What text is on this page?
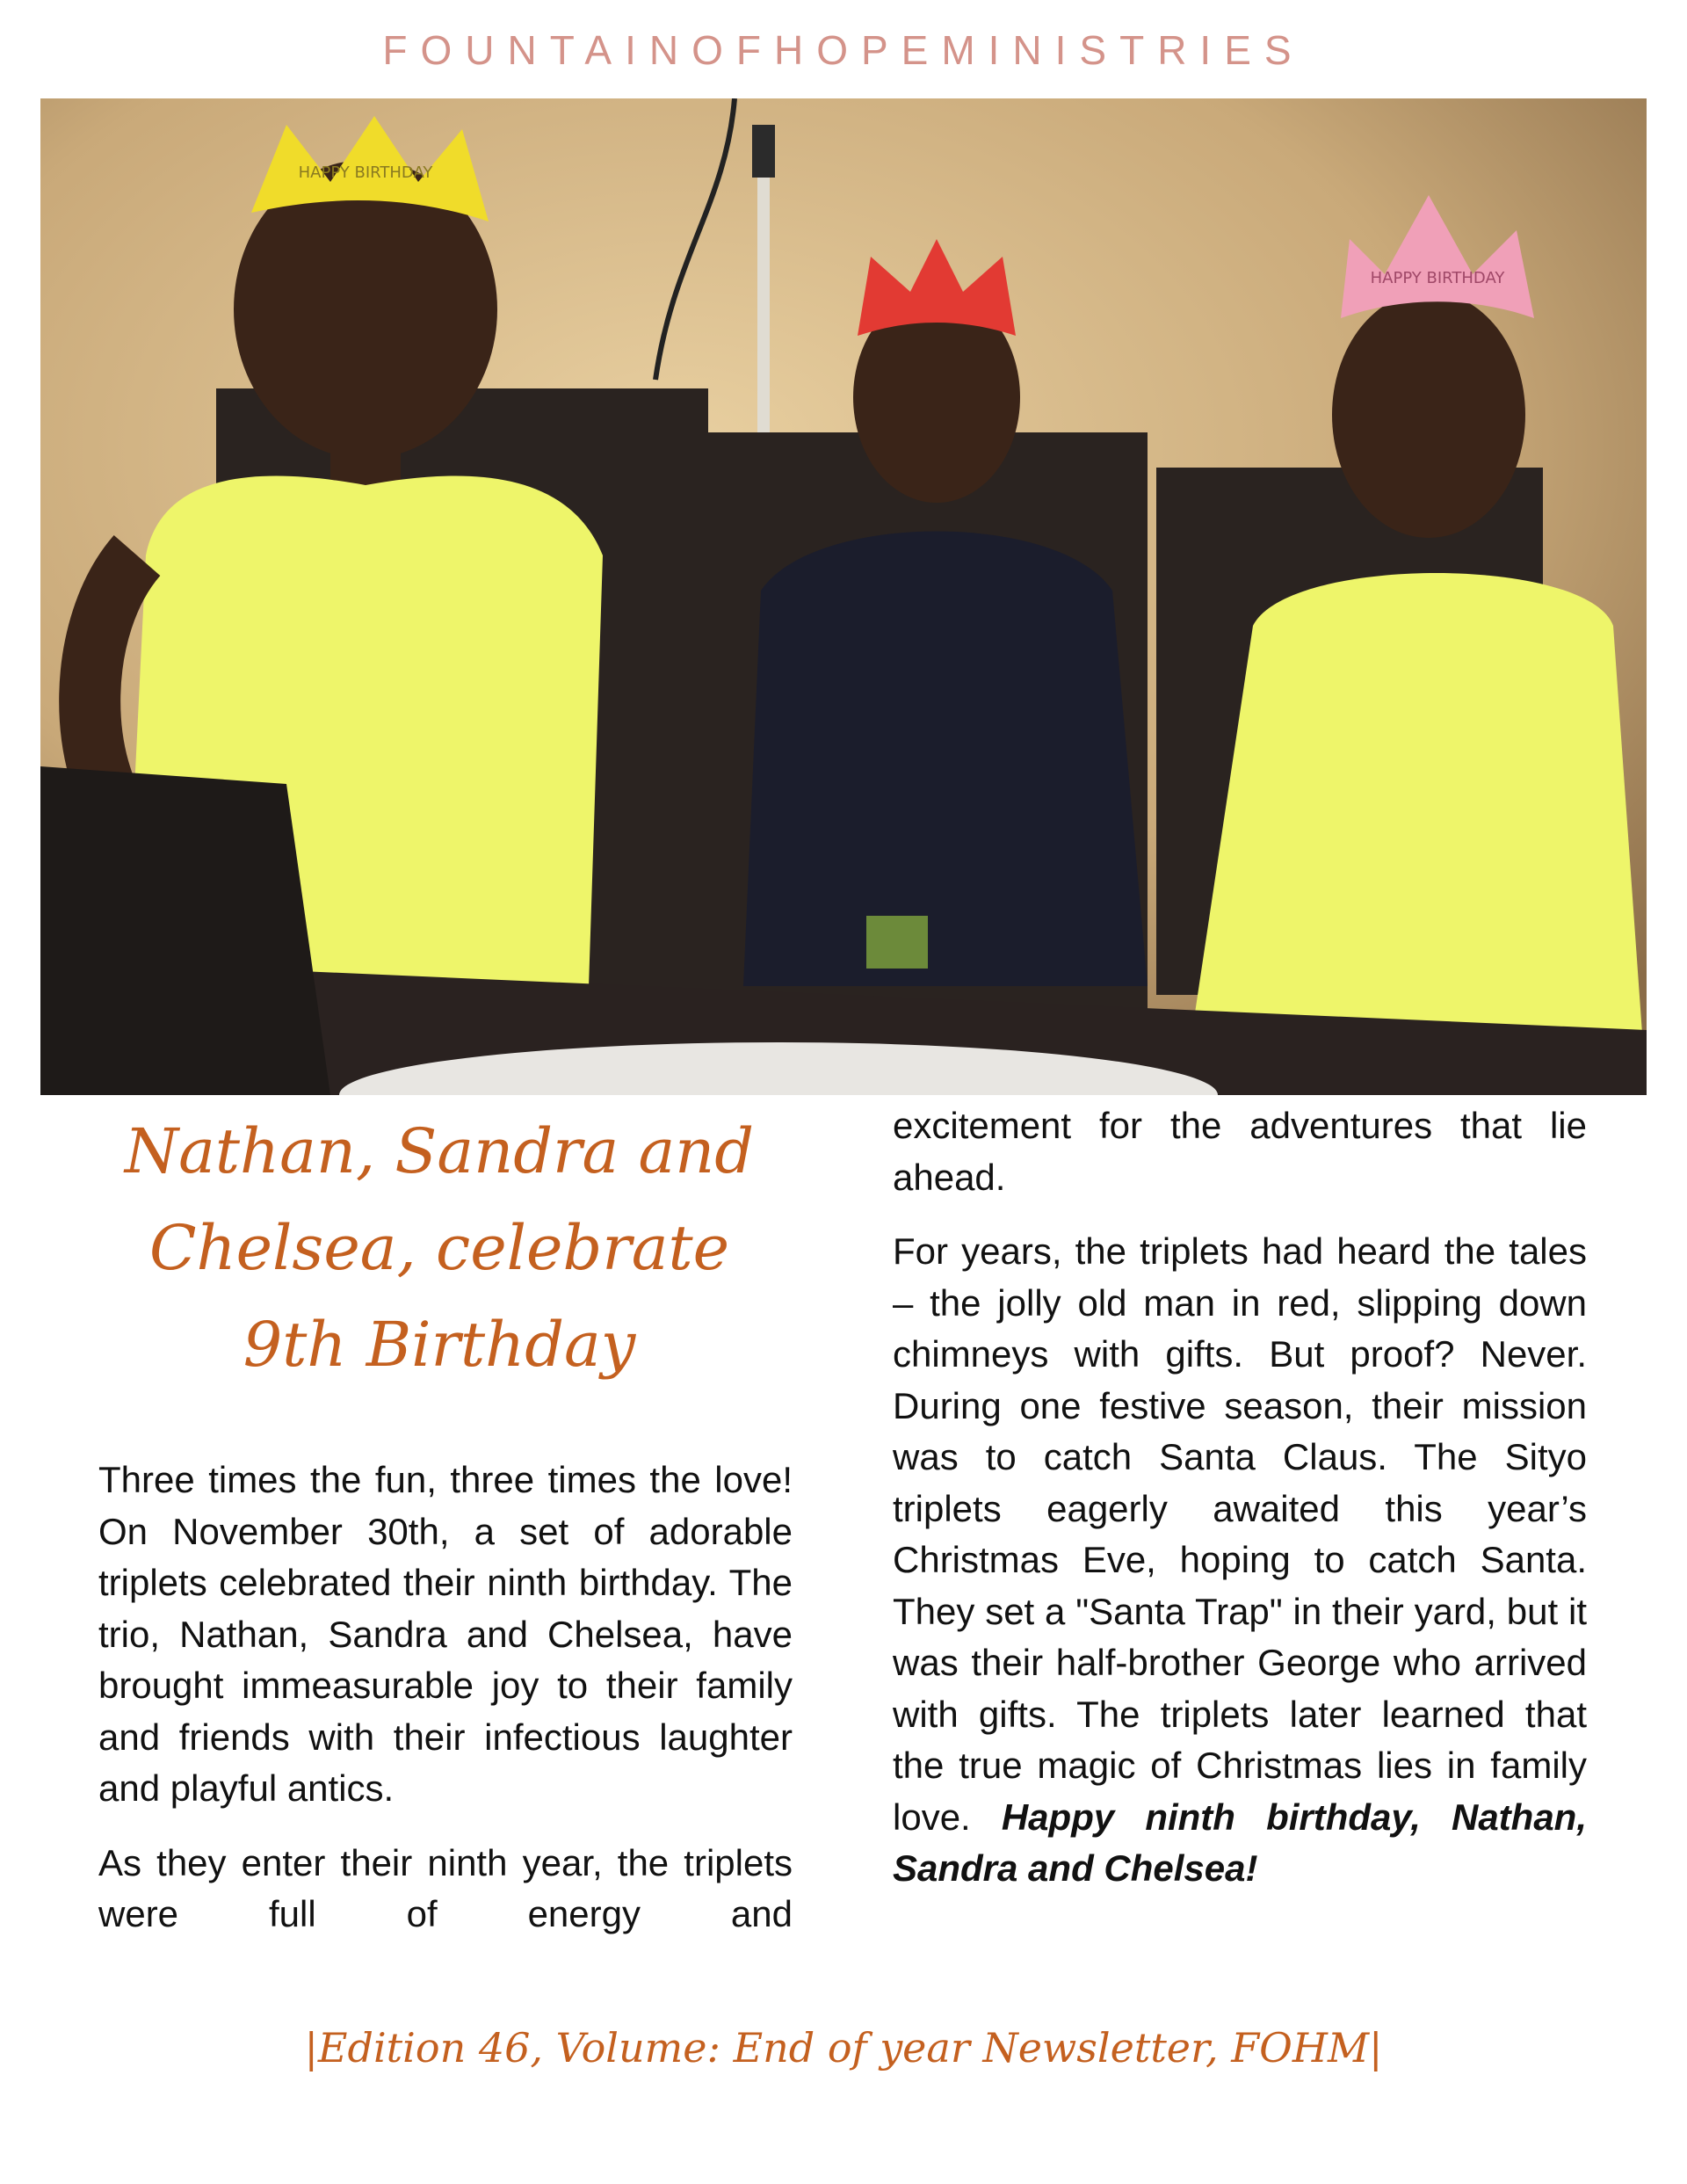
FOUNTAINOFHOPEMINISTRIES
HAPPY BIRTHDAY
HAPPY BIRTHDAY
Nathan, Sandra and Chelsea, celebrate 9th Birthday

Three times the fun, three times the love! On November 30th, a set of adorable triplets celebrated their ninth birthday. The trio, Nathan, Sandra and Chelsea, have brought immeasurable joy to their family and friends with their infectious laughter and playful antics.

As they enter their ninth year, the triplets were full of energy and

excitement for the adventures that lie ahead.

For years, the triplets had heard the tales – the jolly old man in red, slipping down chimneys with gifts. But proof? Never. During one festive season, their mission was to catch Santa Claus. The Sityo triplets eagerly awaited this year’s Christmas Eve, hoping to catch Santa. They set a "Santa Trap" in their yard, but it was their half-brother George who arrived with gifts. The triplets later learned that the true magic of Christmas lies in family love. Happy ninth birthday, Nathan, Sandra and Chelsea!

|Edition 46, Volume: End of year Newsletter, FOHM|
